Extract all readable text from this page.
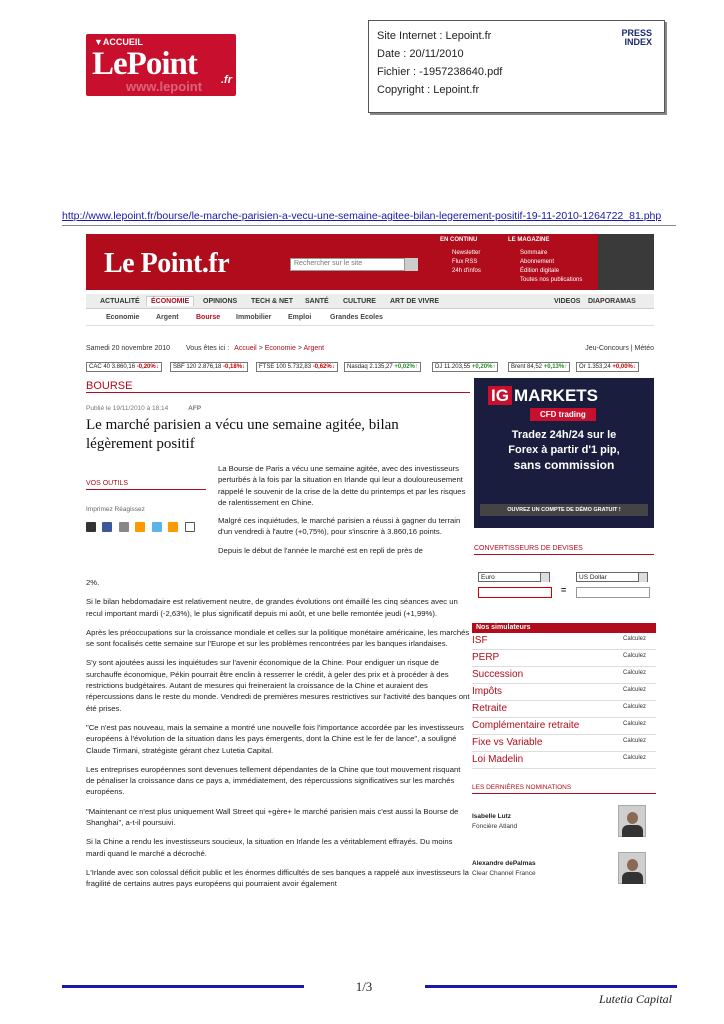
▼ACCUEIL
www.lepoint
LePoint .fr
Site Internet : Lepoint.fr
Date : 20/11/2010
Fichier : -1957238640.pdf
Copyright : Lepoint.fr
PRESS
INDEX
http://www.lepoint.fr/bourse/le-marche-parisien-a-vecu-une-semaine-agitee-bilan-legerement-positif-19-11-2010-1264722_81.php
Le Point.fr	Rechercher sur le site
EN CONTINU
Newsletter
Flux RSS
24h d'infos
LE MAGAZINE
Sommaire
Abonnement
Édition digitale
Toutes nos publications
ACTUALITÉ	ÉCONOMIE	OPINIONS TECH & NET SANTÉ CULTURE ART DE VIVRE	VIDEOS DIAPORAMAS
Economie Argent Bourse Immobilier Emploi	Grandes Ecoles
Samedi 20 novembre 2010 Vous êtes ici : Accueil > Economie > Argent	Jeu-Concours | Météo
CAC 40 3.860,16 -0,20%↓	SBF 120 2.876,18 -0,18%↓	FTSE 100 5.732,83 -0,62%↓	Nasdaq 2.135,27 +0,02%↑	DJ 11.203,55 +0,20%↑	Brent 84,52 +0,13%↑	Or 1.353,24 +0,00%↓
BOURSE
Publié le 19/11/2010 à 18:14	AFP
Le marché parisien a vécu une semaine agitée, bilan légèrement positif
VOS OUTILS
Imprimez Réagissez

La Bourse de Paris a vécu une semaine agitée, avec des investisseurs perturbés à la fois par la situation en Irlande qui leur a douloureusement rappelé le souvenir de la crise de la dette du printemps et par les risques de ralentissement en Chine.

Malgré ces inquiétudes, le marché parisien a réussi à gagner du terrain d'un vendredi à l'autre (+0,75%), pour s'inscrire à 3.860,16 points.

Depuis le début de l'année le marché est en repli de près de

2%.

Si le bilan hebdomadaire est relativement neutre, de grandes évolutions ont émaillé les cinq séances avec un recul important mardi (-2,63%), le plus significatif depuis mi août, et une belle remontée jeudi (+1,99%).

Après les préoccupations sur la croissance mondiale et celles sur la politique monétaire américaine, les marchés se sont focalisés cette semaine sur l'Europe et sur les problèmes rencontrées par les banques irlandaises.

S'y sont ajoutées aussi les inquiétudes sur l'avenir économique de la Chine. Pour endiguer un risque de surchauffe économique, Pékin pourrait être enclin à resserrer le crédit, à geler des prix et à procéder à des restrictions budgétaires. Autant de mesures qui freineraient la croissance de la Chine et auraient des répercussions dans le reste du monde. Vendredi de premières mesures restrictives sur l'activité des banques ont été prises.

"Ce n'est pas nouveau, mais la semaine a montré une nouvelle fois l'importance accordée par les investisseurs européens à l'évolution de la situation dans les pays émergents, dont la Chine est le fer de lance", a souligné Claude Tirmani, stratégiste gérant chez Lutetia Capital.

Les entreprises européennes sont devenues tellement dépendantes de la Chine que tout mouvement risquant de pénaliser la croissance dans ce pays a, immédiatement, des répercussions significatives sur les marchés européens.

"Maintenant ce n'est plus uniquement Wall Street qui +gère+ le marché parisien mais c'est aussi la Bourse de Shanghai", a-t-il poursuivi.

Si la Chine a rendu les investisseurs soucieux, la situation en Irlande les a véritablement effrayés. Du moins mardi quand le marché a décroché.

L'Irlande avec son colossal déficit public et les énormes difficultés de ses banques a rappelé aux investisseurs la fragilité de certains autres pays européens qui pourraient avoir également

IG MARKETS
CFD trading
Tradez 24h/24 sur le
Forex à partir d'1 pip,
sans commission
OUVREZ UN COMPTE DE DÉMO GRATUIT !
CONVERTISSEURS DE DEVISES
Euro	US Dollar
=
Nos simulateurs
ISF	Calculez
PERP	Calculez
Succession	Calculez
Impôts	Calculez
Retraite	Calculez
Complémentaire retraite	Calculez
Fixe vs Variable	Calculez
Loi Madelin	Calculez
LES DERNIÈRES NOMINATIONS
Isabelle Lutz
Foncière Atland
Alexandre dePalmas
Clear Channel France
1/3
Lutetia Capital
